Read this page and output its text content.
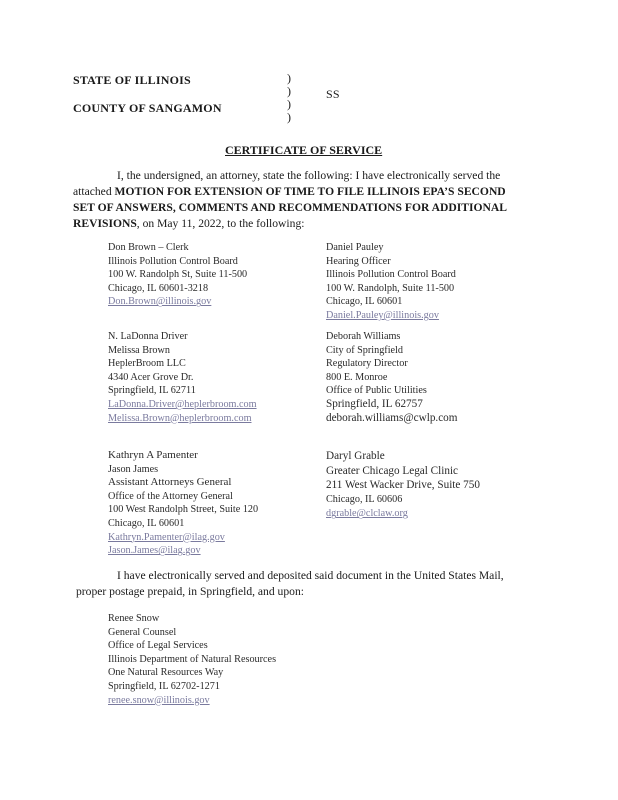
STATE OF ILLINOIS
COUNTY OF SANGAMON
)
)
)
)
SS
CERTIFICATE OF SERVICE
I, the undersigned, an attorney, state the following: I have electronically served the
attached MOTION FOR EXTENSION OF TIME TO FILE ILLINOIS EPA’S SECOND
SET OF ANSWERS, COMMENTS AND RECOMMENDATIONS FOR ADDITIONAL
REVISIONS, on May 11, 2022, to the following:
Don Brown – Clerk
Illinois Pollution Control Board
100 W. Randolph St, Suite 11-500
Chicago, IL 60601-3218
Don.Brown@illinois.gov
Daniel Pauley
Hearing Officer
Illinois Pollution Control Board
100 W. Randolph, Suite 11-500
Chicago, IL 60601
Daniel.Pauley@illinois.gov
N. LaDonna Driver
Melissa Brown
HeplerBroom LLC
4340 Acer Grove Dr.
Springfield, IL 62711
LaDonna.Driver@heplerbroom.com
Melissa.Brown@heplerbroom.com
Deborah Williams
City of Springfield
Regulatory Director
800 E. Monroe
Office of Public Utilities
Springfield, IL 62757
deborah.williams@cwlp.com
Kathryn A Pamenter
Jason James
Assistant Attorneys General
Office of the Attorney General
100 West Randolph Street, Suite 120
Chicago, IL 60601
Kathryn.Pamenter@ilag.gov
Jason.James@ilag.gov
Daryl Grable
Greater Chicago Legal Clinic
211 West Wacker Drive, Suite 750
Chicago, IL 60606
dgrable@clclaw.org
I have electronically served and deposited said document in the United States Mail,
proper postage prepaid, in Springfield, and upon:
Renee Snow
General Counsel
Office of Legal Services
Illinois Department of Natural Resources
One Natural Resources Way
Springfield, IL 62702-1271
renee.snow@illinois.gov
